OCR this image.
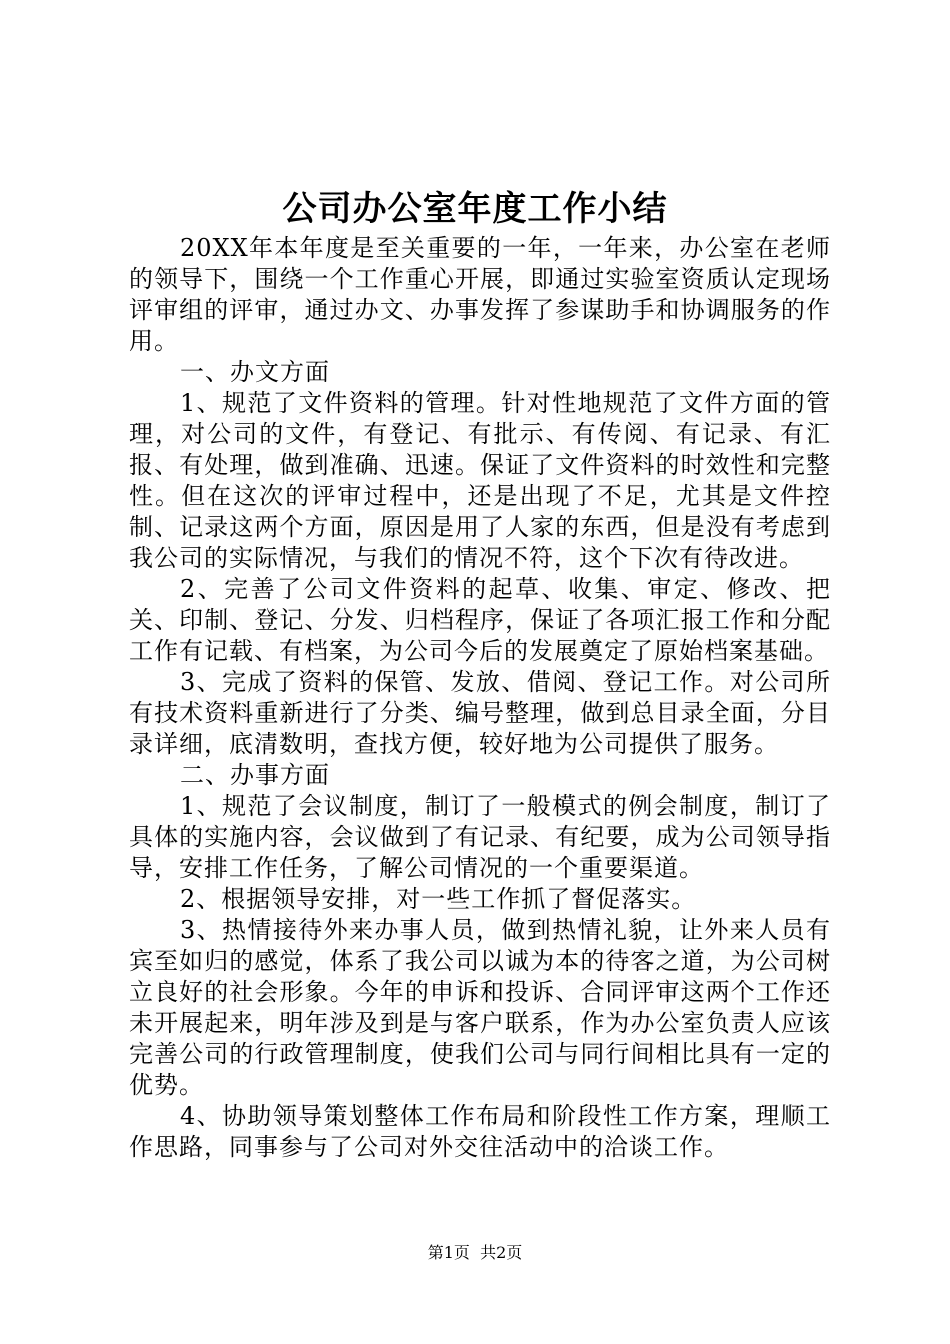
公司办公室年度工作小结

20XX年本年度是至关重要的一年，一年来，办公室在老师的领导下，围绕一个工作重心开展，即通过实验室资质认定现场评审组的评审，通过办文、办事发挥了参谋助手和协调服务的作用。

一、办文方面

1、规范了文件资料的管理。针对性地规范了文件方面的管理，对公司的文件，有登记、有批示、有传阅、有记录、有汇报、有处理，做到准确、迅速。保证了文件资料的时效性和完整性。但在这次的评审过程中，还是出现了不足，尤其是文件控制、记录这两个方面，原因是用了人家的东西，但是没有考虑到我公司的实际情况，与我们的情况不符，这个下次有待改进。

2、完善了公司文件资料的起草、收集、审定、修改、把关、印制、登记、分发、归档程序，保证了各项汇报工作和分配工作有记载、有档案，为公司今后的发展奠定了原始档案基础。

3、完成了资料的保管、发放、借阅、登记工作。对公司所有技术资料重新进行了分类、编号整理，做到总目录全面，分目录详细，底清数明，查找方便，较好地为公司提供了服务。

二、办事方面

1、规范了会议制度，制订了一般模式的例会制度，制订了具体的实施内容，会议做到了有记录、有纪要，成为公司领导指导，安排工作任务，了解公司情况的一个重要渠道。

2、根据领导安排，对一些工作抓了督促落实。

3、热情接待外来办事人员，做到热情礼貌，让外来人员有宾至如归的感觉，体系了我公司以诚为本的待客之道，为公司树立良好的社会形象。今年的申诉和投诉、合同评审这两个工作还未开展起来，明年涉及到是与客户联系，作为办公室负责人应该完善公司的行政管理制度，使我们公司与同行间相比具有一定的优势。

4、协助领导策划整体工作布局和阶段性工作方案，理顺工作思路，同事参与了公司对外交往活动中的洽谈工作。

第1页 共2页
